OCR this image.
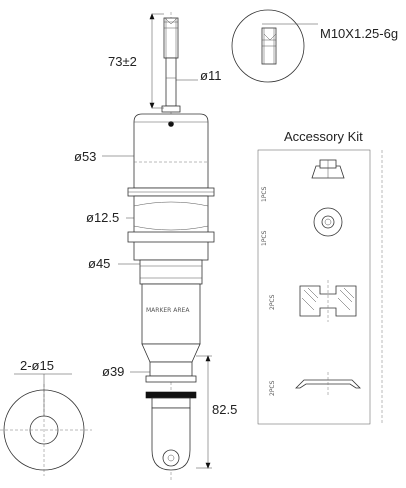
M10X1.25-6g
73±2
ø11
ø53
ø12.5
MARKER AREA
ø45
ø39
82.5
2-ø15
Accessory Kit
1PCS
1PCS
2PCS
2PCS
